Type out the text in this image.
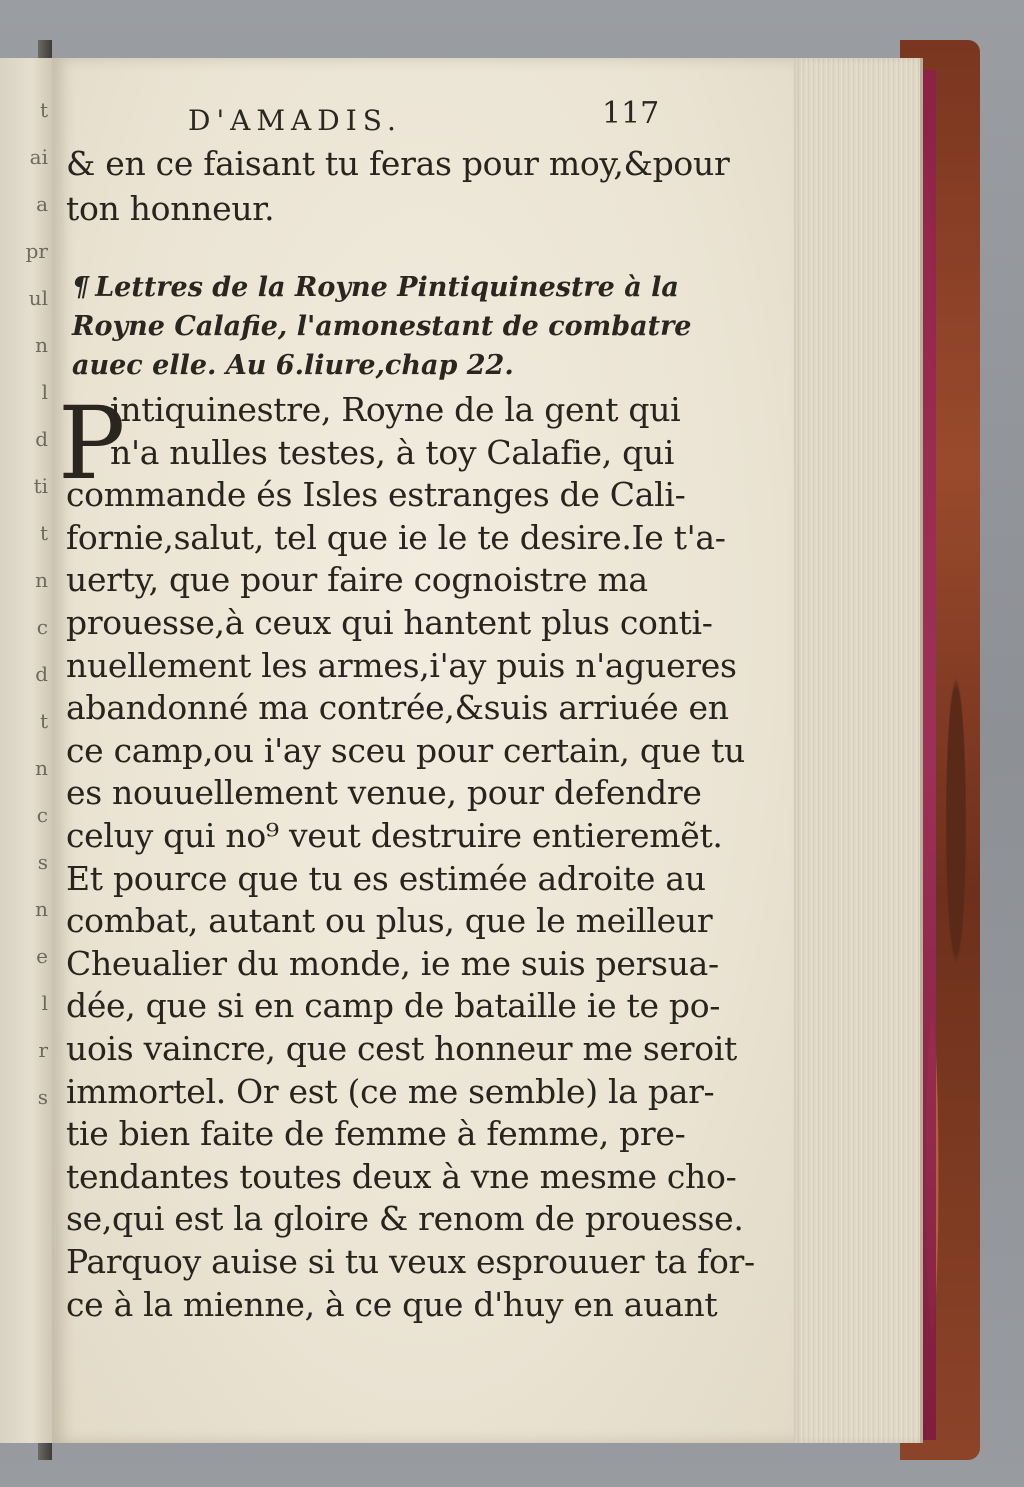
t
ai
a
pr
ul
n
l
d
ti
t
n
c
d
t
n
c
s
n
e
l
r
s
D'AMADIS.	117
& en ce faisant tu feras pour moy,&pour
ton honneur.
¶ Lettres de la Royne Pintiquinestre à la
Royne Calafie, l'amonestant de combatre
auec elle. Au 6.liure,chap 22.
P
intiquinestre, Royne de la gent qui
n'a nulles testes, à toy Calafie, qui
commande és Isles estranges de Cali-
fornie,salut, tel que ie le te desire.Ie t'a-
uerty, que pour faire cognoistre ma
prouesse,à ceux qui hantent plus conti-
nuellement les armes,i'ay puis n'agueres
abandonné ma contrée,&suis arriuée en
ce camp,ou i'ay sceu pour certain, que tu
es nouuellement venue, pour defendre
celuy qui no⁹ veut destruire entieremẽt.
Et pource que tu es estimée adroite au
combat, autant ou plus, que le meilleur
Cheualier du monde, ie me suis persua-
dée, que si en camp de bataille ie te po-
uois vaincre, que cest honneur me seroit
immortel. Or est (ce me semble) la par-
tie bien faite de femme à femme, pre-
tendantes toutes deux à vne mesme cho-
se,qui est la gloire & renom de prouesse.
Parquoy auise si tu veux esprouuer ta for-
ce à la mienne, à ce que d'huy en auant
